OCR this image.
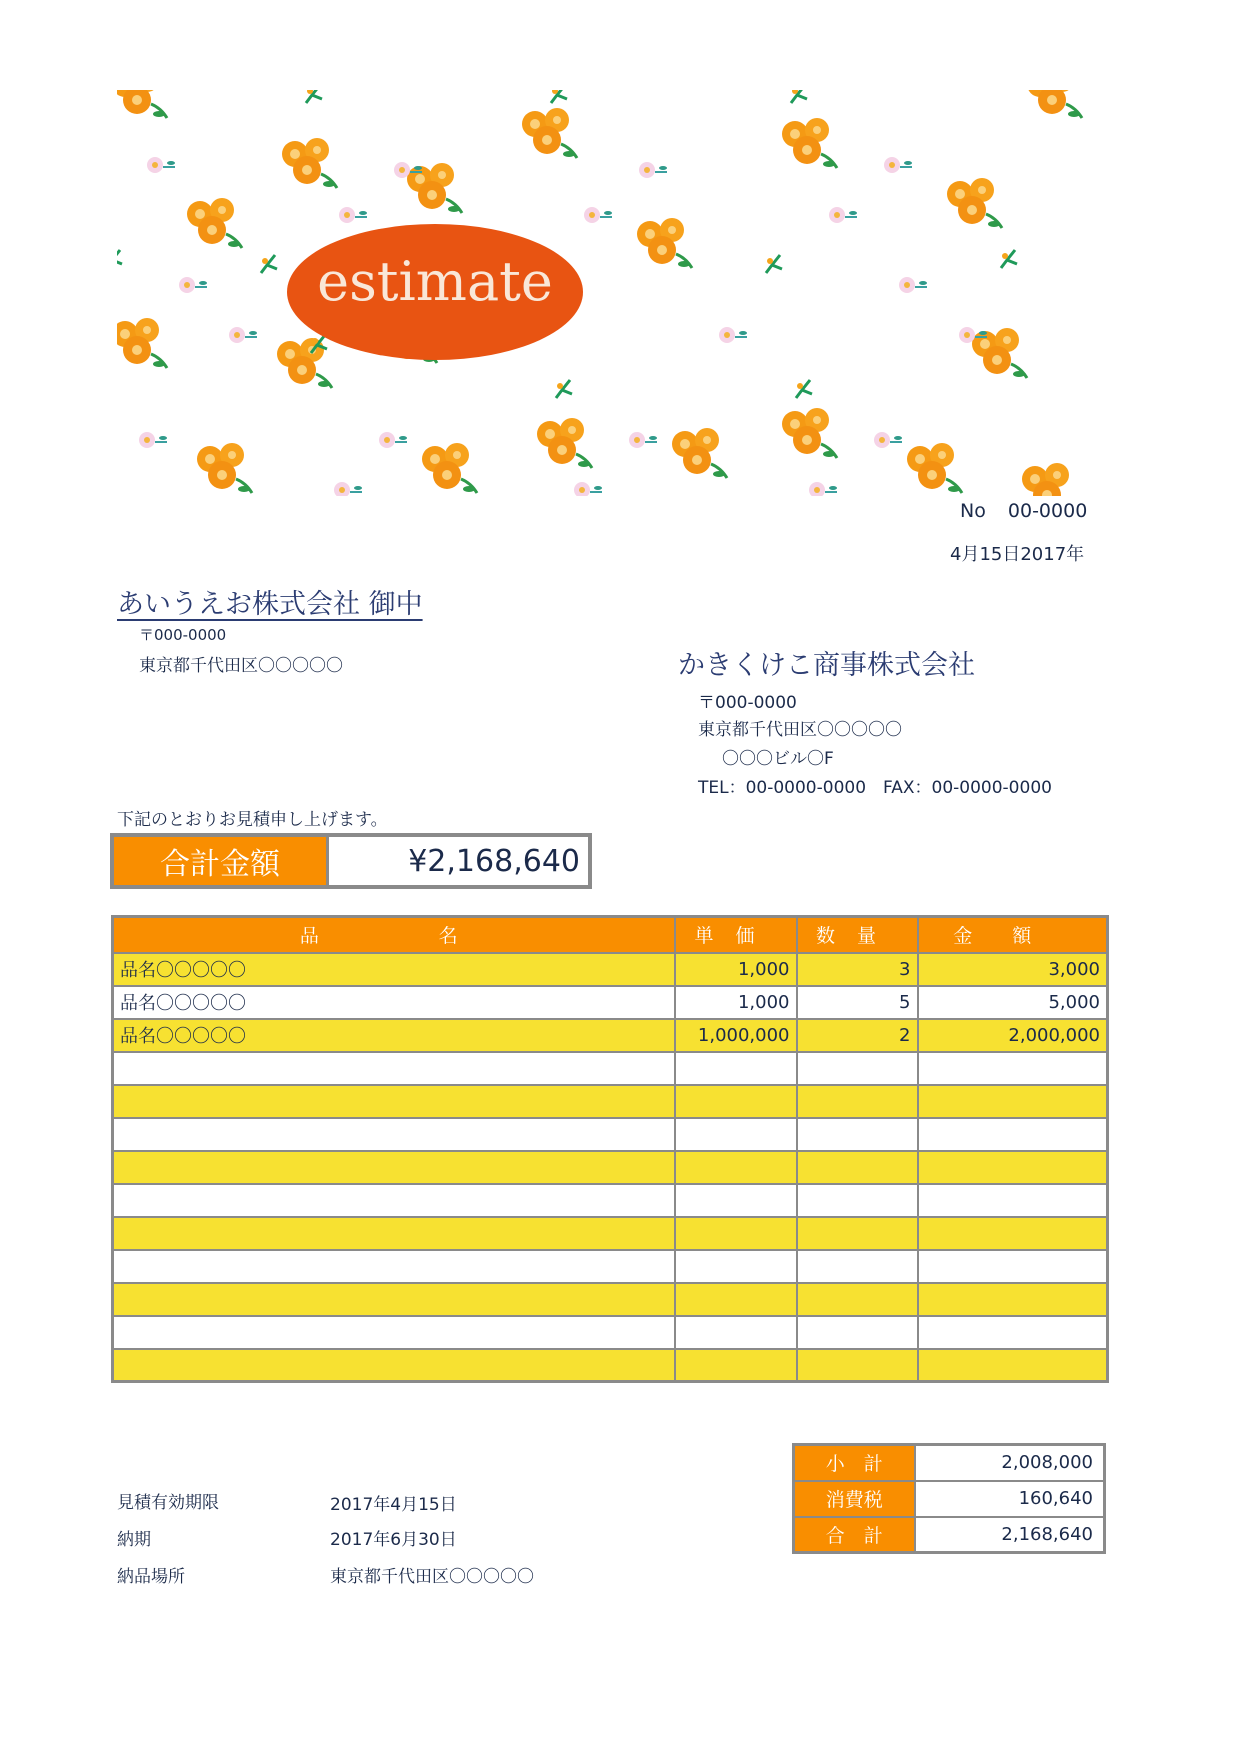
estimate
No 00-0000
4月15日2017年
あいうえお株式会社 御中
〒000-0000
東京都千代田区〇〇〇〇〇	かきくけこ商事株式会社
〒000-0000
東京都千代田区〇〇〇〇〇
〇〇〇ビル〇F
TEL：00-0000-0000　FAX：00-0000-0000
下記のとおりお見積申し上げます。
合計金額	¥2,168,640
品 名	単価	数量	金額
品名〇〇〇〇〇	1,000	3	3,000
品名〇〇〇〇〇	1,000	5	5,000
品名〇〇〇〇〇	1,000,000	2	2,000,000

小　計	2,008,000
消費税	160,640
合　計	2,168,640
見積有効期限	2017年4月15日
納期	2017年6月30日
納品場所	東京都千代田区〇〇〇〇〇
